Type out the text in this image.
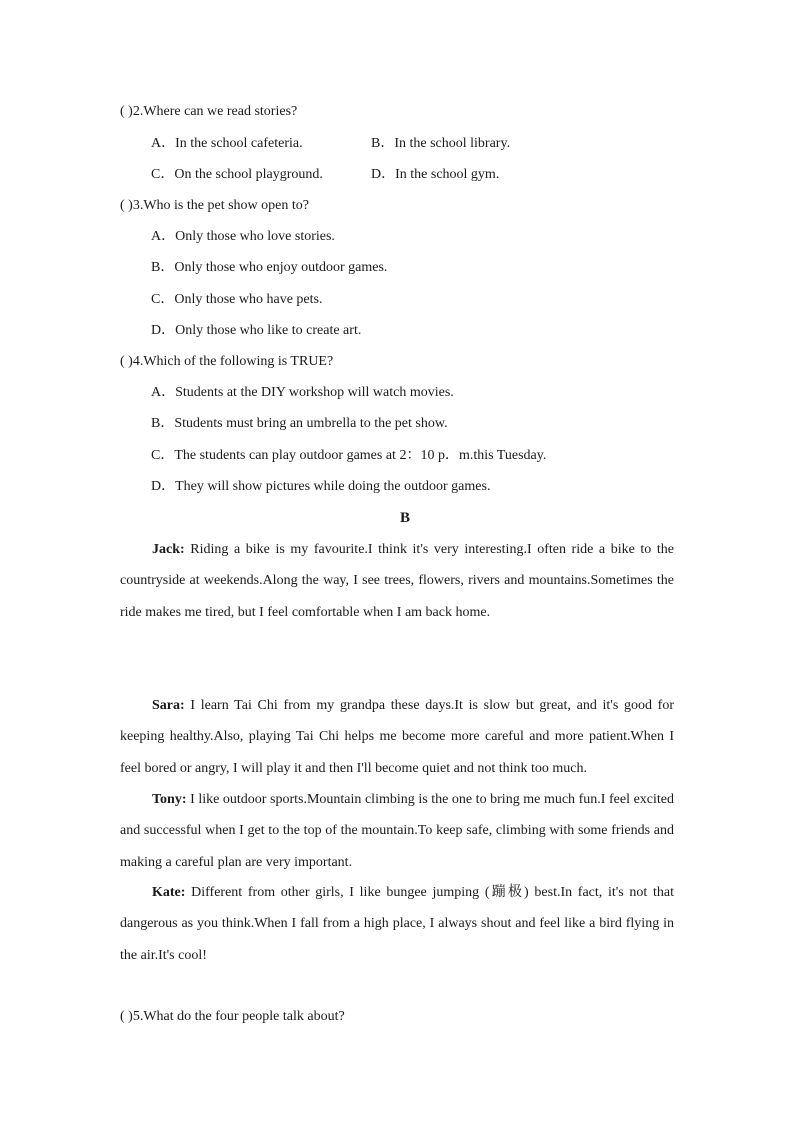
( )2.Where can we read stories?
A．In the school cafeteria.	B．In the school library.
C．On the school playground.	D．In the school gym.
( )3.Who is the pet show open to?
A．Only those who love stories.
B．Only those who enjoy outdoor games.
C．Only those who have pets.
D．Only those who like to create art.
( )4.Which of the following is TRUE?
A．Students at the DIY workshop will watch movies.
B．Students must bring an umbrella to the pet show.
C．The students can play outdoor games at 2：10 p．m.this Tuesday.
D．They will show pictures while doing the outdoor games.
B
Jack: Riding a bike is my favourite.I think it's very interesting.I often ride a bike to the countryside at weekends.Along the way, I see trees, flowers, rivers and mountains.Sometimes the ride makes me tired, but I feel comfortable when I am back home.
Sara: I learn Tai Chi from my grandpa these days.It is slow but great, and it's good for keeping healthy.Also, playing Tai Chi helps me become more careful and more patient.When I feel bored or angry, I will play it and then I'll become quiet and not think too much.
Tony: I like outdoor sports.Mountain climbing is the one to bring me much fun.I feel excited and successful when I get to the top of the mountain.To keep safe, climbing with some friends and making a careful plan are very important.
Kate: Different from other girls, I like bungee jumping (蹦极) best.In fact, it's not that dangerous as you think.When I fall from a high place, I always shout and feel like a bird flying in the air.It's cool!
( )5.What do the four people talk about?
